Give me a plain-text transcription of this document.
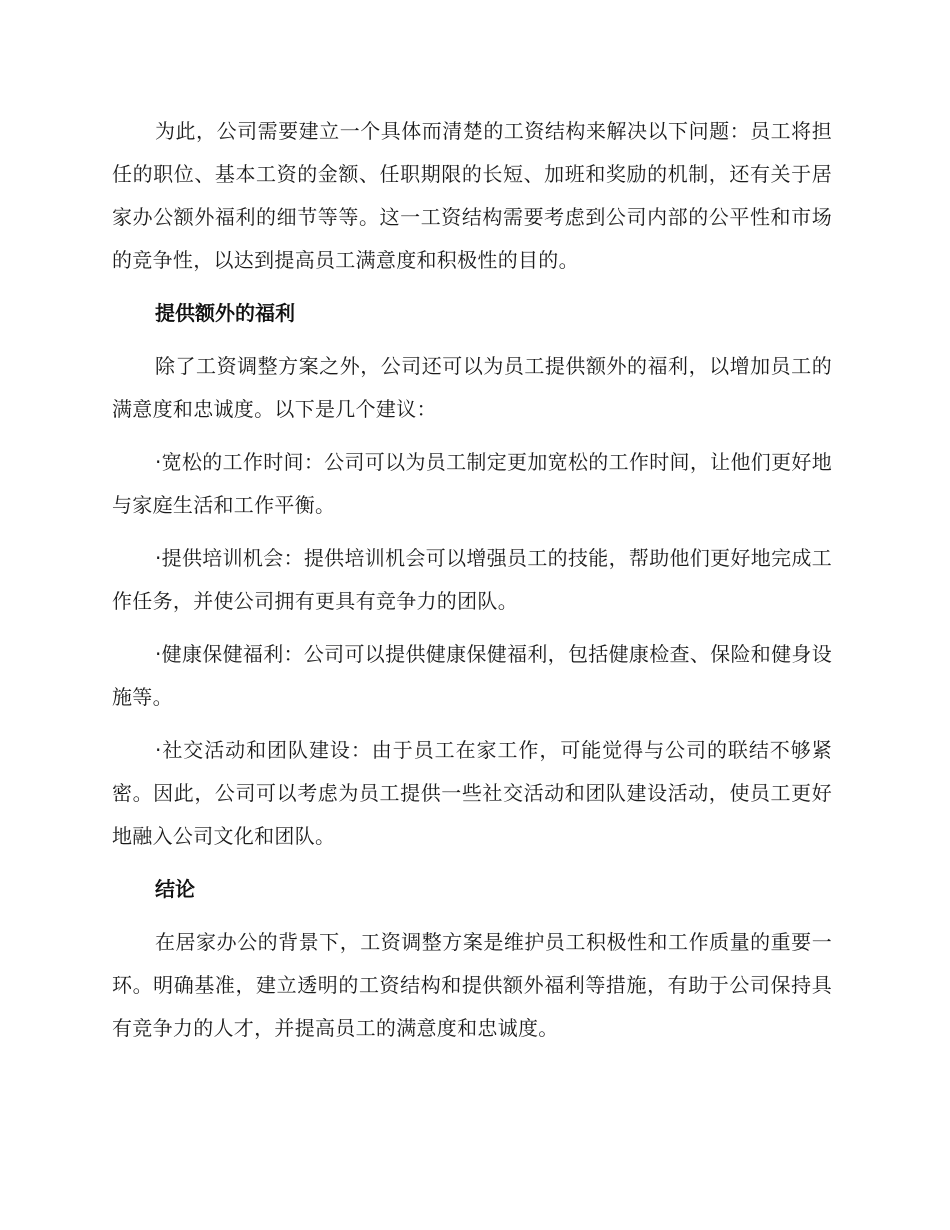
为此，公司需要建立一个具体而清楚的工资结构来解决以下问题：员工将担任的职位、基本工资的金额、任职期限的长短、加班和奖励的机制，还有关于居家办公额外福利的细节等等。这一工资结构需要考虑到公司内部的公平性和市场的竞争性，以达到提高员工满意度和积极性的目的。

提供额外的福利

除了工资调整方案之外，公司还可以为员工提供额外的福利，以增加员工的满意度和忠诚度。以下是几个建议：

·宽松的工作时间：公司可以为员工制定更加宽松的工作时间，让他们更好地与家庭生活和工作平衡。

·提供培训机会：提供培训机会可以增强员工的技能，帮助他们更好地完成工作任务，并使公司拥有更具有竞争力的团队。

·健康保健福利：公司可以提供健康保健福利，包括健康检查、保险和健身设施等。

·社交活动和团队建设：由于员工在家工作，可能觉得与公司的联结不够紧密。因此，公司可以考虑为员工提供一些社交活动和团队建设活动，使员工更好地融入公司文化和团队。

结论

在居家办公的背景下，工资调整方案是维护员工积极性和工作质量的重要一环。明确基准，建立透明的工资结构和提供额外福利等措施，有助于公司保持具有竞争力的人才，并提高员工的满意度和忠诚度。
